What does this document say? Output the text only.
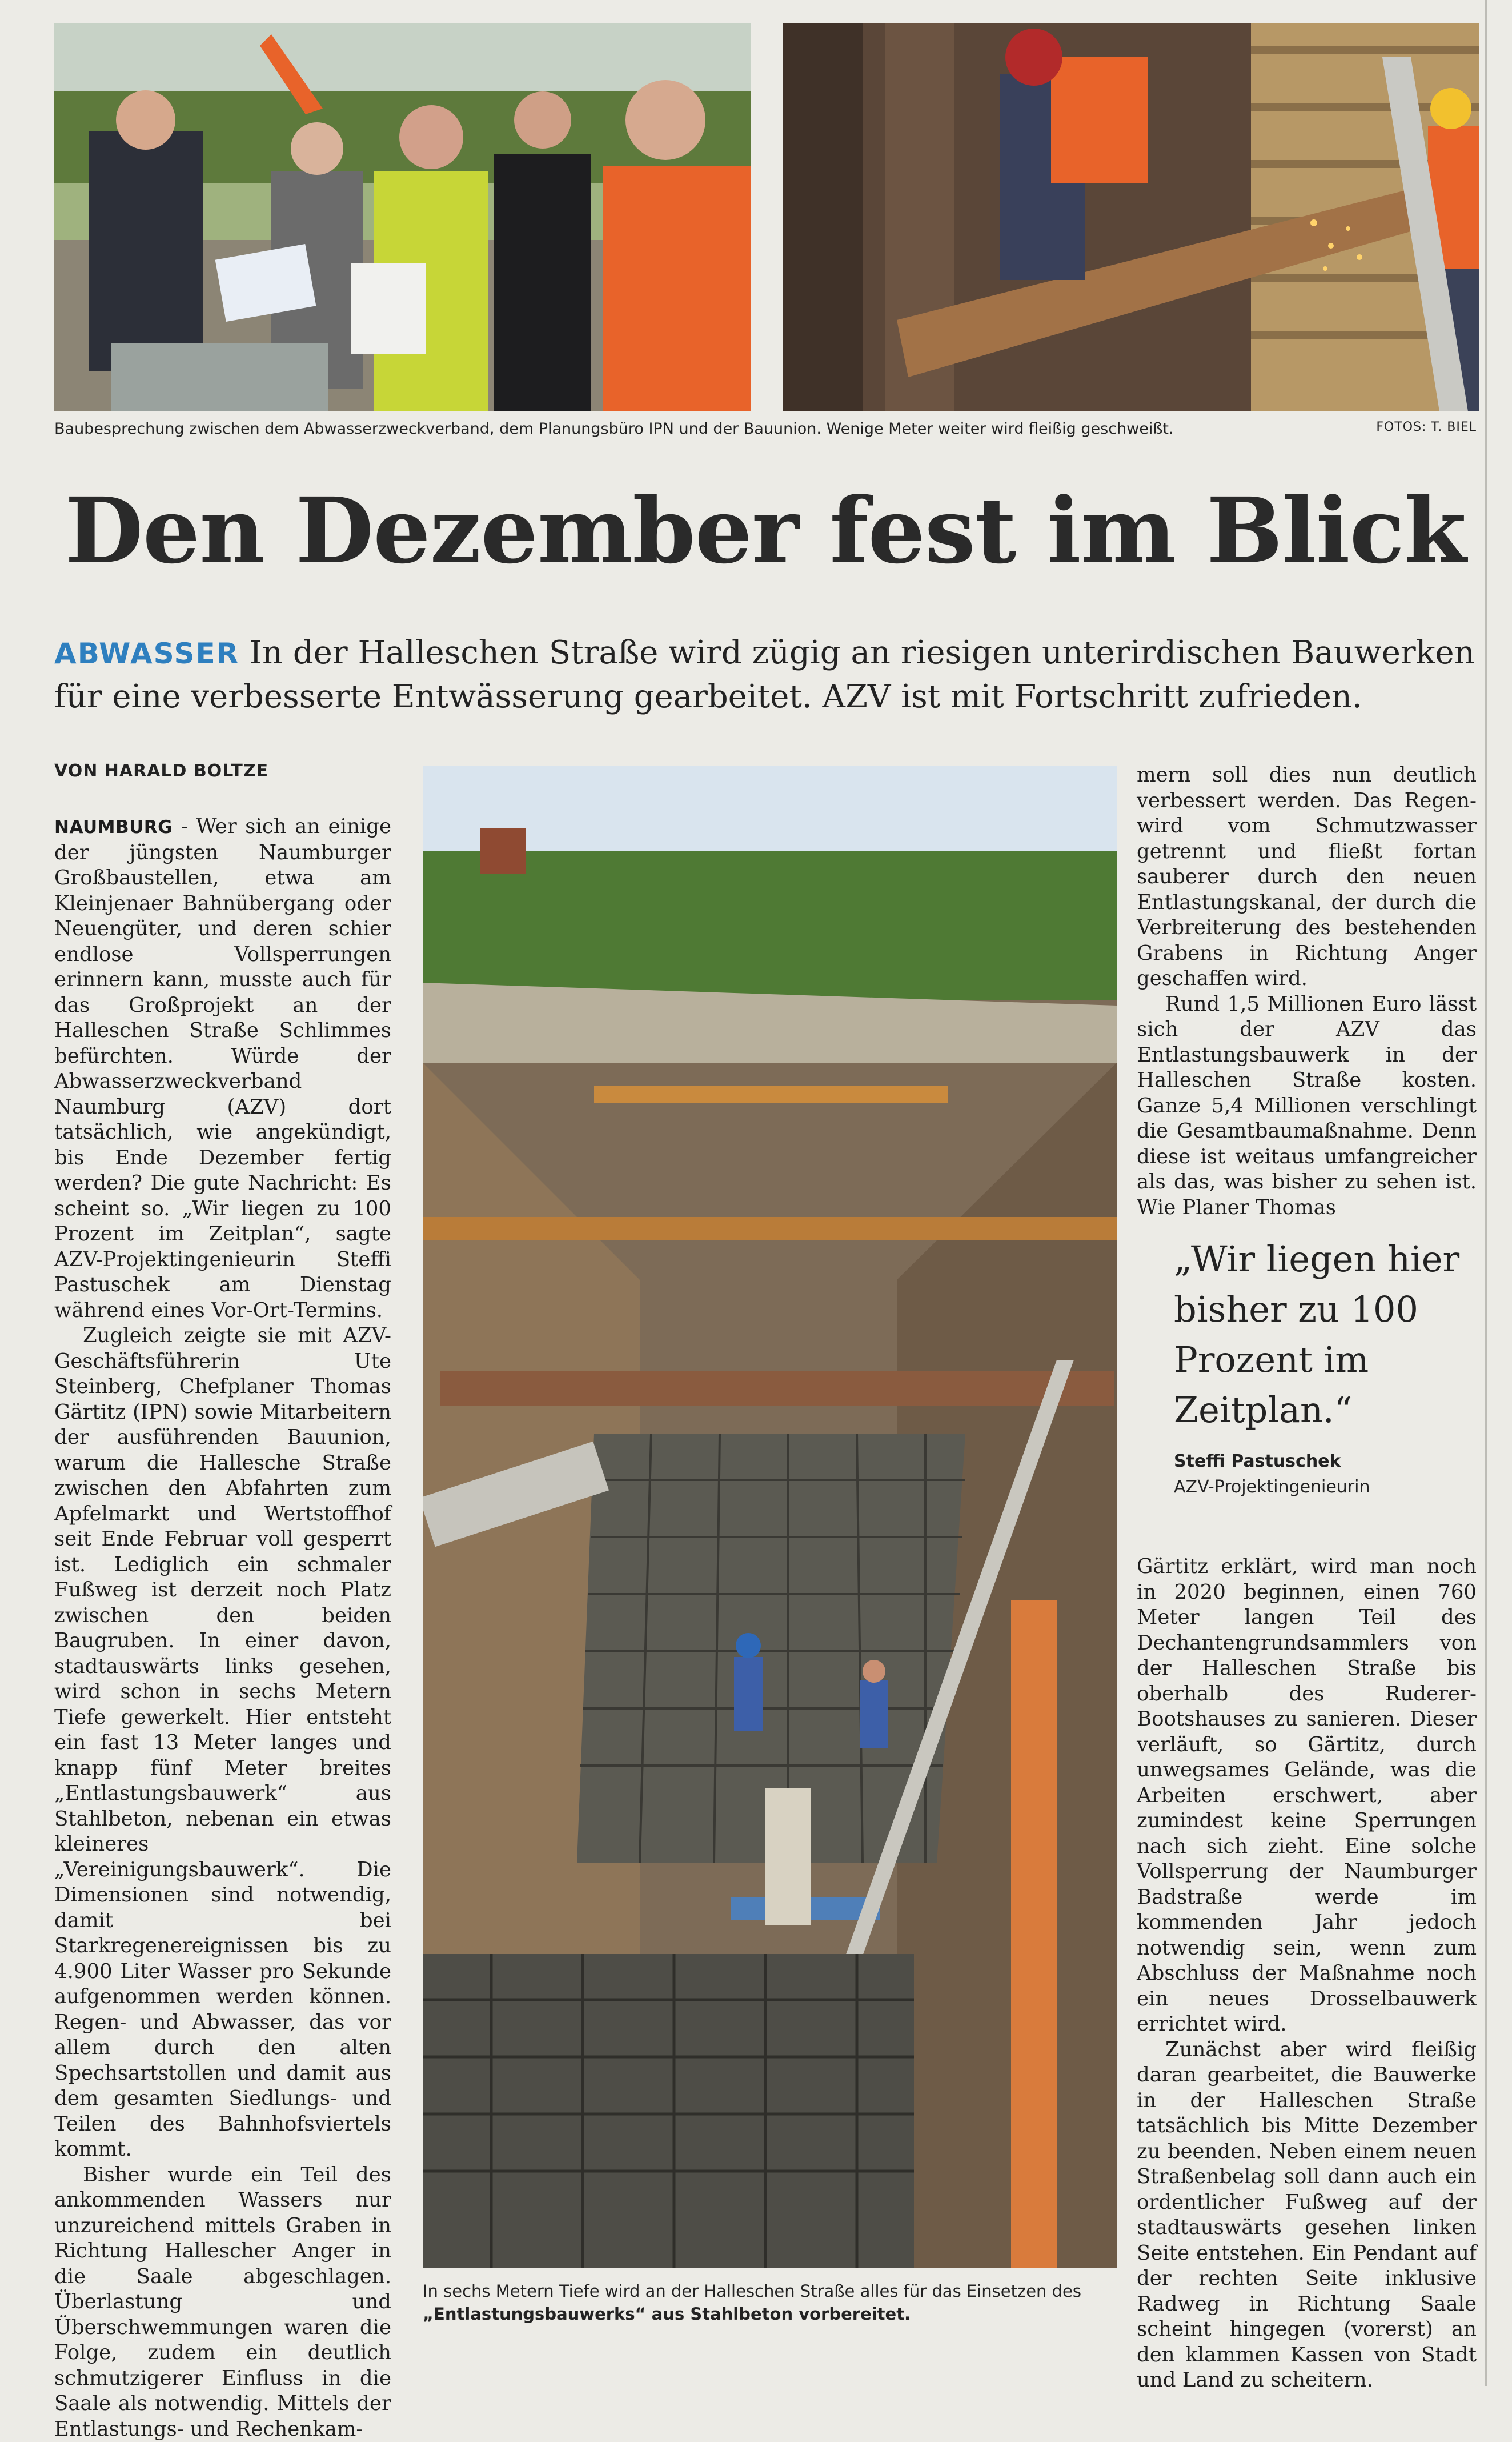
Baubesprechung zwischen dem Abwasserzweckverband, dem Planungsbüro IPN und der Bauunion. Wenige Meter weiter wird fleißig geschweißt.	FOTOS: T. BIEL
Den Dezember fest im Blick
ABWASSER In der Halleschen Straße wird zügig an riesigen unterirdischen Bauwerken
für eine verbesserte Entwässerung gearbeitet. AZV ist mit Fortschritt zufrieden.
VON HARALD BOLTZE

NAUMBURG - Wer sich an einige der jüngsten Naumburger Großbaustellen, etwa am Kleinjenaer Bahnübergang oder Neuengüter, und deren schier endlose Vollsperrungen erinnern kann, musste auch für das Großprojekt an der Halleschen Straße Schlimmes befürchten. Würde der Abwasserzweckverband Naumburg (AZV) dort tatsächlich, wie angekündigt, bis Ende Dezember fertig werden? Die gute Nachricht: Es scheint so. „Wir liegen zu 100 Prozent im Zeitplan“, sagte AZV-Projektingenieurin Steffi Pastuschek am Dienstag während eines Vor-Ort-Termins.

Zugleich zeigte sie mit AZV-Geschäftsführerin Ute Steinberg, Chefplaner Thomas Gärtitz (IPN) sowie Mitarbeitern der ausführenden Bauunion, warum die Hallesche Straße zwischen den Abfahrten zum Apfelmarkt und Wertstoffhof seit Ende Februar voll gesperrt ist. Lediglich ein schmaler Fußweg ist derzeit noch Platz zwischen den beiden Baugruben. In einer davon, stadtauswärts links gesehen, wird schon in sechs Metern Tiefe gewerkelt. Hier entsteht ein fast 13 Meter langes und knapp fünf Meter breites „Entlastungsbauwerk“ aus Stahlbeton, nebenan ein etwas kleineres „Vereinigungsbauwerk“. Die Dimensionen sind notwendig, damit bei Starkregenereignissen bis zu 4.900 Liter Wasser pro Sekunde aufgenommen werden können. Regen- und Abwasser, das vor allem durch den alten Spechsartstollen und damit aus dem gesamten Siedlungs- und Teilen des Bahnhofsviertels kommt.

Bisher wurde ein Teil des ankommenden Wassers nur unzureichend mittels Graben in Richtung Hallescher Anger in die Saale abgeschlagen. Überlastung und Überschwemmungen waren die Folge, zudem ein deutlich schmutzigerer Einfluss in die Saale als notwendig. Mittels der Entlastungs- und Rechenkam-

In sechs Metern Tiefe wird an der Halleschen Straße alles für das Einsetzen des
„Entlastungsbauwerks“ aus Stahlbeton vorbereitet.

mern soll dies nun deutlich verbessert werden. Das Regen- wird vom Schmutzwasser getrennt und fließt fortan sauberer durch den neuen Entlastungskanal, der durch die Verbreiterung des bestehenden Grabens in Richtung Anger geschaffen wird.

Rund 1,5 Millionen Euro lässt sich der AZV das Entlastungsbauwerk in der Halleschen Straße kosten. Ganze 5,4 Millionen verschlingt die Gesamtbaumaßnahme. Denn diese ist weitaus umfangreicher als das, was bisher zu sehen ist. Wie Planer Thomas

„Wir liegen hier bisher zu 100 Prozent im Zeitplan.“
Steffi Pastuschek
AZV-Projektingenieurin

Gärtitz erklärt, wird man noch in 2020 beginnen, einen 760 Meter langen Teil des Dechantengrundsammlers von der Halleschen Straße bis oberhalb des Ruderer-Bootshauses zu sanieren. Dieser verläuft, so Gärtitz, durch unwegsames Gelände, was die Arbeiten erschwert, aber zumindest keine Sperrungen nach sich zieht. Eine solche Vollsperrung der Naumburger Badstraße werde im kommenden Jahr jedoch notwendig sein, wenn zum Abschluss der Maßnahme noch ein neues Drosselbauwerk errichtet wird.

Zunächst aber wird fleißig daran gearbeitet, die Bauwerke in der Halleschen Straße tatsächlich bis Mitte Dezember zu beenden. Neben einem neuen Straßenbelag soll dann auch ein ordentlicher Fußweg auf der stadtauswärts gesehen linken Seite entstehen. Ein Pendant auf der rechten Seite inklusive Radweg in Richtung Saale scheint hingegen (vorerst) an den klammen Kassen von Stadt und Land zu scheitern.
